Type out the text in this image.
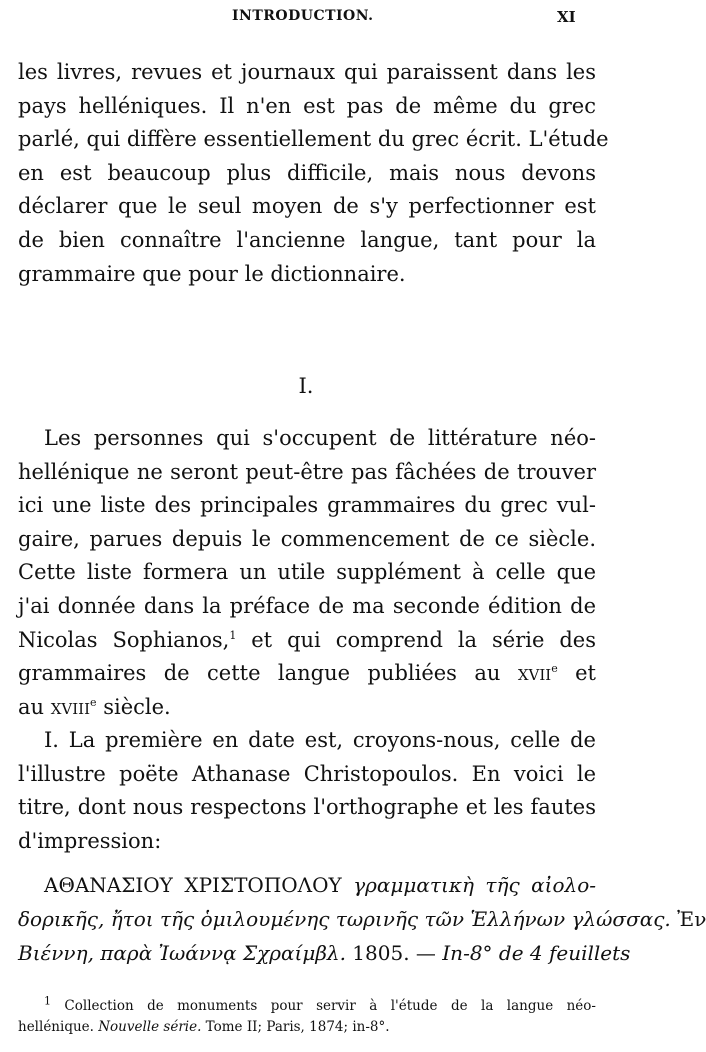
INTRODUCTION.	XI
les livres, revues et journaux qui paraissent dans les
pays helléniques. Il n'en est pas de même du grec
parlé, qui diffère essentiellement du grec écrit. L'étude
en est beaucoup plus difficile, mais nous devons
déclarer que le seul moyen de s'y perfectionner est
de bien connaître l'ancienne langue, tant pour la
grammaire que pour le dictionnaire.
I.
Les personnes qui s'occupent de littérature néo-
hellénique ne seront peut-être pas fâchées de trouver
ici une liste des principales grammaires du grec vul-
gaire, parues depuis le commencement de ce siècle.
Cette liste formera un utile supplément à celle que
j'ai donnée dans la préface de ma seconde édition de
Nicolas Sophianos,$^1$ et qui comprend la série des
grammaires de cette langue publiées au xvii$^e$ et
au xviii$^e$ siècle.
I. La première en date est, croyons-nous, celle de
l'illustre poëte Athanase Christopoulos. En voici le
titre, dont nous respectons l'orthographe et les fautes
d'impression:
ΑΘΑΝΑΣΙΟΥ ΧΡΙΣΤΟΠΟΛΟΥ γραμματικὴ τῆς αἰολο-
δορικῆς, ἤτοι τῆς ὁμιλουμένης τωρινῆς τῶν Ἑλλήνων γλώσσας. Ἐν
Βιέννη, παρὰ Ἰωάννᾳ Σχραίμβλ. 1805. — In-8° de 4 feuillets
$^1$ Collection de monuments pour servir à l'étude de la langue néo-
hellénique. Nouvelle série. Tome II; Paris, 1874; in-8°.
